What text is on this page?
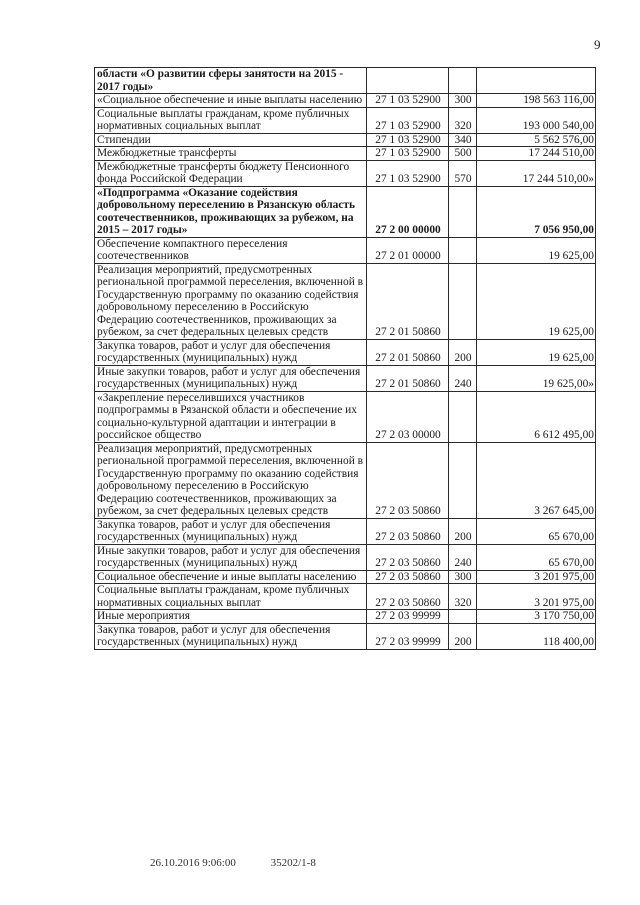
9
области «О развитии сферы занятости на 2015 - 2017 годы»			
«Социальное обеспечение и иные выплаты населению	27 1 03 52900	300	198 563 116,00
Социальные выплаты гражданам, кроме публичных нормативных социальных выплат	27 1 03 52900	320	193 000 540,00
Стипендии	27 1 03 52900	340	5 562 576,00
Межбюджетные трансферты	27 1 03 52900	500	17 244 510,00
Межбюджетные трансферты бюджету Пенсионного фонда Российской Федерации	27 1 03 52900	570	17 244 510,00»
«Подпрограмма «Оказание содействия добровольному переселению в Рязанскую область соотечественников, проживающих за рубежом, на 2015 – 2017 годы»	27 2 00 00000		7 056 950,00
Обеспечение компактного переселения соотечественников	27 2 01 00000		19 625,00
Реализация мероприятий, предусмотренных региональной программой переселения, включенной в Государственную программу по оказанию содействия добровольному переселению в Российскую Федерацию соотечественников, проживающих за рубежом, за счет федеральных целевых средств	27 2 01 50860		19 625,00
Закупка товаров, работ и услуг для обеспечения государственных (муниципальных) нужд	27 2 01 50860	200	19 625,00
Иные закупки товаров, работ и услуг для обеспечения государственных (муниципальных) нужд	27 2 01 50860	240	19 625,00»
«Закрепление переселившихся участников подпрограммы в Рязанской области и обеспечение их социально-культурной адаптации и интеграции в российское общество	27 2 03 00000		6 612 495,00
Реализация мероприятий, предусмотренных региональной программой переселения, включенной в Государственную программу по оказанию содействия добровольному переселению в Российскую Федерацию соотечественников, проживающих за рубежом, за счет федеральных целевых средств	27 2 03 50860		3 267 645,00
Закупка товаров, работ и услуг для обеспечения государственных (муниципальных) нужд	27 2 03 50860	200	65 670,00
Иные закупки товаров, работ и услуг для обеспечения государственных (муниципальных) нужд	27 2 03 50860	240	65 670,00
Социальное обеспечение и иные выплаты населению	27 2 03 50860	300	3 201 975,00
Социальные выплаты гражданам, кроме публичных нормативных социальных выплат	27 2 03 50860	320	3 201 975,00
Иные мероприятия	27 2 03 99999		3 170 750,00
Закупка товаров, работ и услуг для обеспечения государственных (муниципальных) нужд	27 2 03 99999	200	118 400,00
26.10.2016 9:06:00	35202/1-8
